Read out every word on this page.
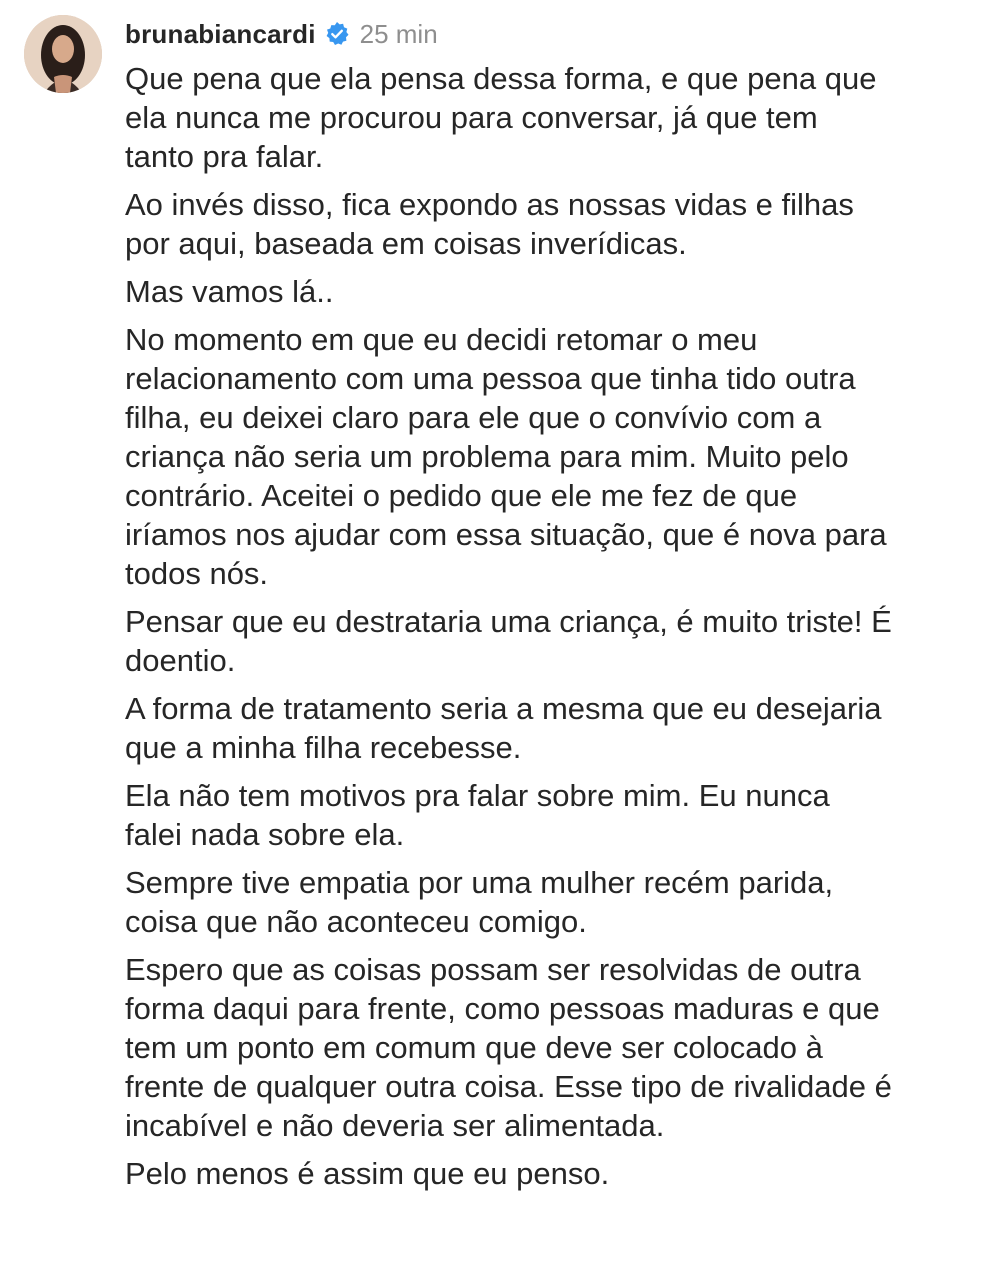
brunabiancardi 25 min

Que pena que ela pensa dessa forma, e que pena que ela nunca me procurou para conversar, já que tem tanto pra falar.

Ao invés disso, fica expondo as nossas vidas e filhas por aqui, baseada em coisas inverídicas.

Mas vamos lá..

No momento em que eu decidi retomar o meu relacionamento com uma pessoa que tinha tido outra filha, eu deixei claro para ele que o convívio com a criança não seria um problema para mim. Muito pelo contrário. Aceitei o pedido que ele me fez de que iríamos nos ajudar com essa situação, que é nova para todos nós.

Pensar que eu destrataria uma criança, é muito triste! É doentio.

A forma de tratamento seria a mesma que eu desejaria que a minha filha recebesse.

Ela não tem motivos pra falar sobre mim. Eu nunca falei nada sobre ela.

Sempre tive empatia por uma mulher recém parida, coisa que não aconteceu comigo.

Espero que as coisas possam ser resolvidas de outra forma daqui para frente, como pessoas maduras e que tem um ponto em comum que deve ser colocado à frente de qualquer outra coisa. Esse tipo de rivalidade é incabível e não deveria ser alimentada.

Pelo menos é assim que eu penso.
